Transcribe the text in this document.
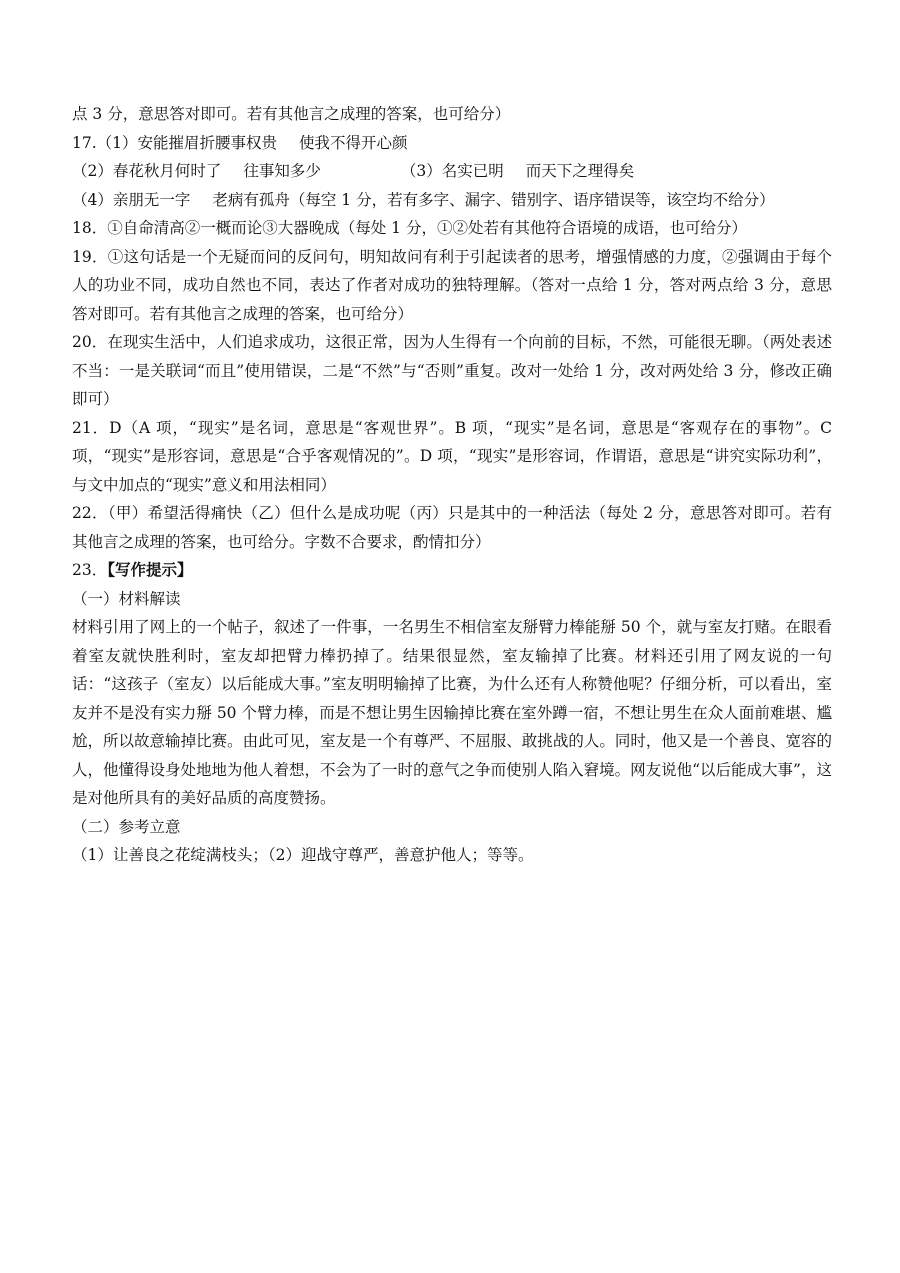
点 3 分，意思答对即可。若有其他言之成理的答案，也可给分）

17.（1）安能摧眉折腰事权贵 使我不得开心颜

（2）春花秋月何时了 往事知多少	（3）名实已明 而天下之理得矣

（4）亲朋无一字 老病有孤舟（每空 1 分，若有多字、漏字、错别字、语序错误等，该空均不给分）

18．①自命清高②一概而论③大器晚成（每处 1 分，①②处若有其他符合语境的成语，也可给分）

19．①这句话是一个无疑而问的反问句，明知故问有利于引起读者的思考，增强情感的力度，②强调由于每个人的功业不同，成功自然也不同，表达了作者对成功的独特理解。（答对一点给 1 分，答对两点给 3 分，意思答对即可。若有其他言之成理的答案，也可给分）

20．在现实生活中，人们追求成功，这很正常，因为人生得有一个向前的目标，不然，可能很无聊。（两处表述不当：一是关联词“而且”使用错误，二是“不然”与“否则”重复。改对一处给 1 分，改对两处给 3 分，修改正确即可）

21．D（A 项，“现实”是名词，意思是“客观世界”。B 项，“现实”是名词，意思是“客观存在的事物”。C 项，“现实”是形容词，意思是“合乎客观情况的”。D 项，“现实”是形容词，作谓语，意思是“讲究实际功利”，与文中加点的“现实”意义和用法相同）

22．（甲）希望活得痛快（乙）但什么是成功呢（丙）只是其中的一种活法（每处 2 分，意思答对即可。若有其他言之成理的答案，也可给分。字数不合要求，酌情扣分）

23．【写作提示】

（一）材料解读

材料引用了网上的一个帖子，叙述了一件事，一名男生不相信室友掰臂力棒能掰 50 个，就与室友打赌。在眼看着室友就快胜利时，室友却把臂力棒扔掉了。结果很显然，室友输掉了比赛。材料还引用了网友说的一句话：“这孩子（室友）以后能成大事。”室友明明输掉了比赛，为什么还有人称赞他呢？仔细分析，可以看出，室友并不是没有实力掰 50 个臂力棒，而是不想让男生因输掉比赛在室外蹲一宿，不想让男生在众人面前难堪、尴尬，所以故意输掉比赛。由此可见，室友是一个有尊严、不屈服、敢挑战的人。同时，他又是一个善良、宽容的人，他懂得设身处地地为他人着想，不会为了一时的意气之争而使别人陷入窘境。网友说他“以后能成大事”，这是对他所具有的美好品质的高度赞扬。

（二）参考立意

（1）让善良之花绽满枝头；（2）迎战守尊严，善意护他人；等等。
